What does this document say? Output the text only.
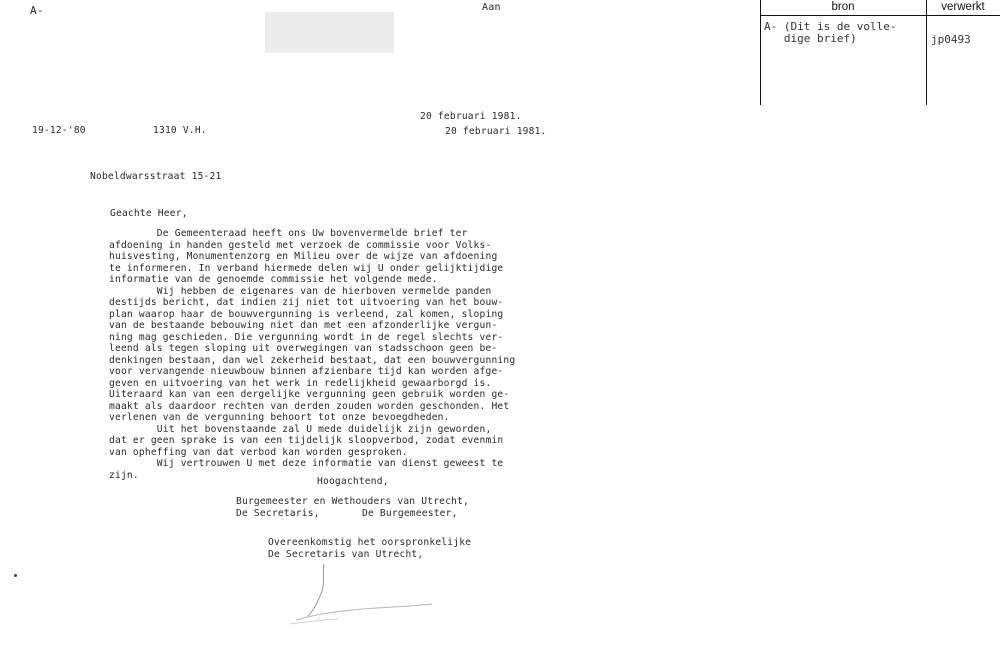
A-	Aan	bron	verwerkt
A- (Dit is de volle-
dige brief)	jp0493
20 februari 1981.
20 februari 1981.
19-12-'80	1310 V.H.
Nobeldwarsstraat 15-21
Geachte Heer,
De Gemeenteraad heeft ons Uw bovenvermelde brief ter
afdoening in handen gesteld met verzoek de commissie voor Volks-
huisvesting, Monumentenzorg en Milieu over de wijze van afdoening
te informeren. In verband hiermede delen wij U onder gelijktijdige
informatie van de genoemde commissie het volgende mede.
Wij hebben de eigenares van de hierboven vermelde panden
destijds bericht, dat indien zij niet tot uitvoering van het bouw-
plan waarop haar de bouwvergunning is verleend, zal komen, sloping
van de bestaande bebouwing niet dan met een afzonderlijke vergun-
ning mag geschieden. Die vergunning wordt in de regel slechts ver-
leend als tegen sloping uit overwegingen van stadsschoon geen be-
denkingen bestaan, dan wel zekerheid bestaat, dat een bouwvergunning
voor vervangende nieuwbouw binnen afzienbare tijd kan worden afge-
geven en uitvoering van het werk in redelijkheid gewaarborgd is.
Uiteraard kan van een dergelijke vergunning geen gebruik worden ge-
maakt als daardoor rechten van derden zouden worden geschonden. Het
verlenen van de vergunning behoort tot onze bevoegdheden.
Uit het bovenstaande zal U mede duidelijk zijn geworden,
dat er geen sprake is van een tijdelijk sloopverbod, zodat evenmin
van opheffing van dat verbod kan worden gesproken.
Wij vertrouwen U met deze informatie van dienst geweest te
zijn.
Hoogachtend,
Burgemeester en Wethouders van Utrecht,
De Secretaris,	De Burgemeester,
Overeenkomstig het oorspronkelijke
De Secretaris van Utrecht,
